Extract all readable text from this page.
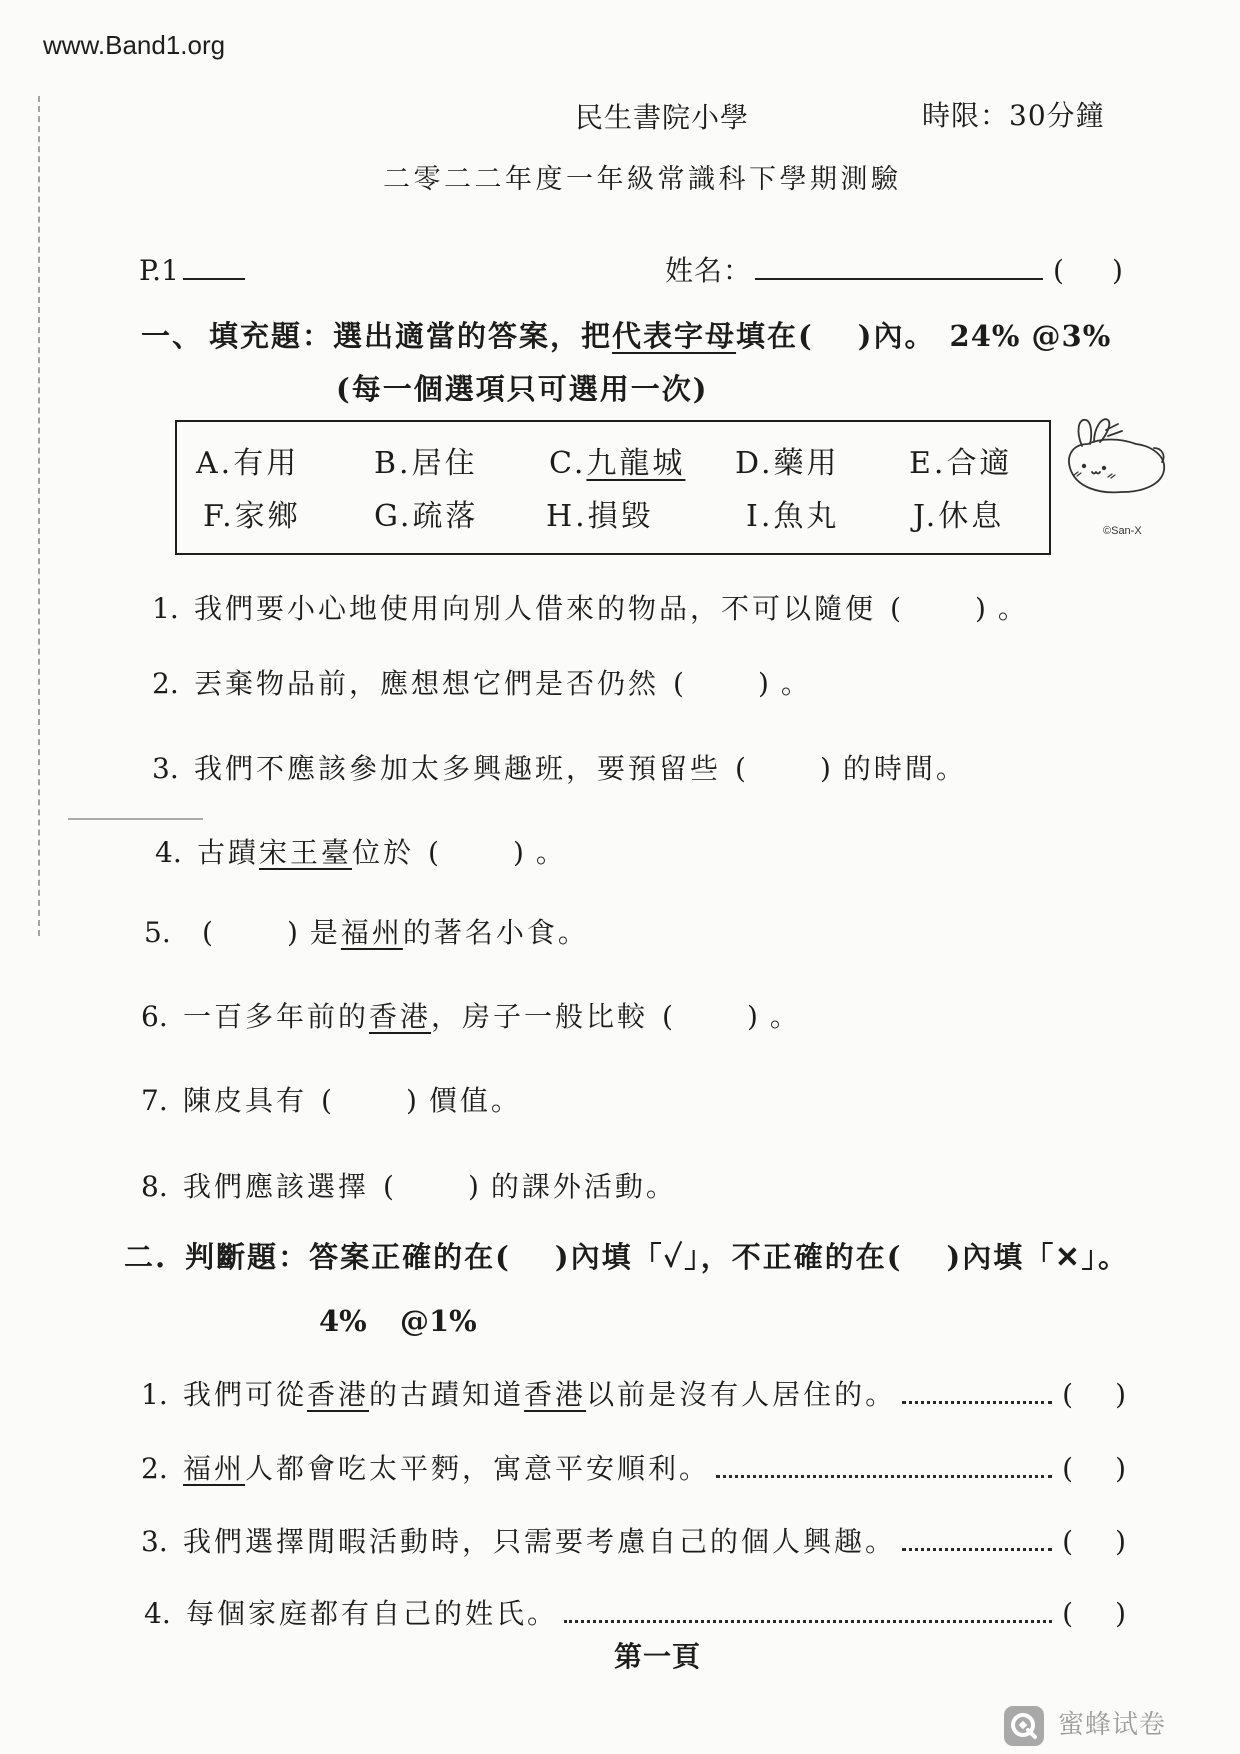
www.Band1.org
民生書院小學	時限：30分鐘
二零二二年度一年級常識科下學期測驗
P.1	姓名：	( )
一、 填充題：選出適當的答案，把 代表字母 填在( )內。 24% @3%
(每一個選項只可選用一次)
A. 有用 B. 居住 C. 九龍城 D. 藥用 E. 合適
F. 家鄉 G. 疏落 H. 損毀	I. 魚丸 J. 休息	©San-X
1. 我們要小心地使用向別人借來的物品，不可以隨便 (	) 。
2. 丟棄物品前，應想想它們是否仍然 (	) 。
3. 我們不應該參加太多興趣班，要預留些 (	) 的時間。
4. 古蹟 宋王臺 位於 (	) 。
5.	(	) 是 福州 的著名小食。
6. 一百多年前的 香港 ，房子一般比較 (	) 。
7. 陳皮具有 (	) 價值。
8. 我們應該選擇 (	) 的課外活動。
二. 判斷題：答案正確的在( )內填「✓」，不正確的在( )內填「✕」。
4% @1%
1. 我們可從 香港 的古蹟知道 香港 以前是沒有人居住的。	( )
2. 福州 人都會吃太平麪，寓意平安順利。	( )
3. 我們選擇閒暇活動時，只需要考慮自己的個人興趣。	( )
4. 每個家庭都有自己的姓氏。	( )
第一頁
蜜蜂试卷
